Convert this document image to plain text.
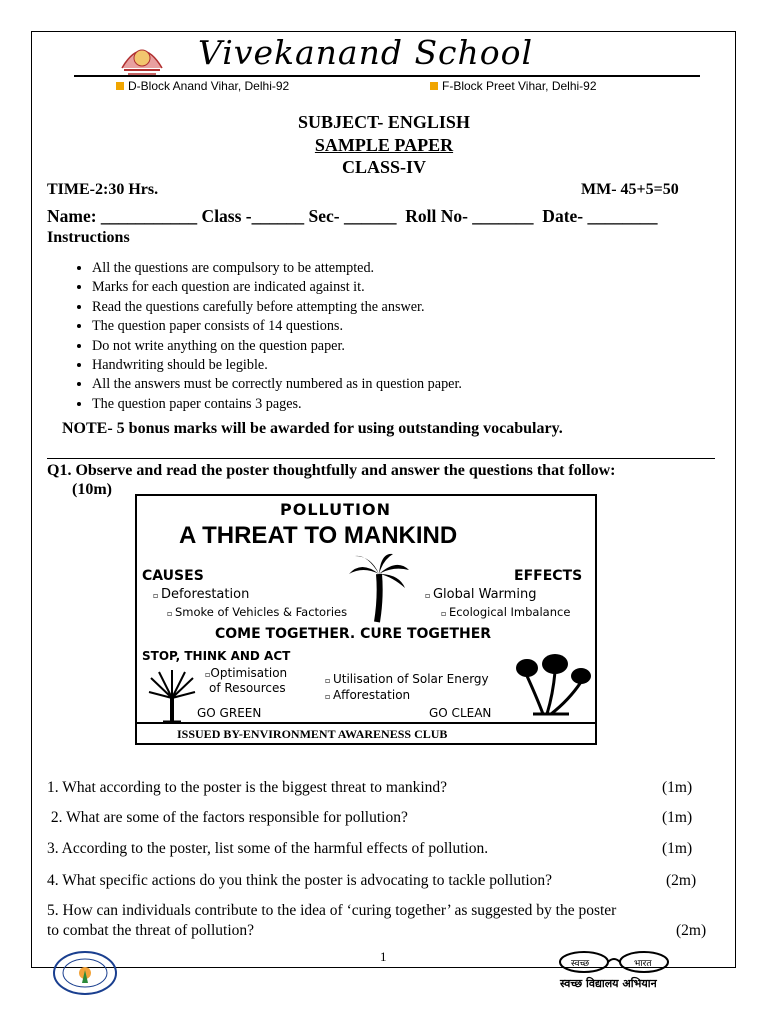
Vivekanand School
D-Block Anand Vihar, Delhi-92	F-Block Preet Vihar, Delhi-92
SUBJECT- ENGLISH
SAMPLE PAPER
CLASS-IV
TIME-2:30 Hrs.	MM- 45+5=50
Name: ___________ Class -______ Sec- ______  Roll No- _______  Date- ________
Instructions
• All the questions are compulsory to be attempted.
• Marks for each question are indicated against it.
• Read the questions carefully before attempting the answer.
• The question paper consists of 14 questions.
• Do not write anything on the question paper.
• Handwriting should be legible.
• All the answers must be correctly numbered as in question paper.
• The question paper contains 3 pages.
NOTE- 5 bonus marks will be awarded for using outstanding vocabulary.
Q1. Observe and read the poster thoughtfully and answer the questions that follow:
(10m)
POLLUTION
A THREAT TO MANKIND
CAUSES
▫ Deforestation
▫ Smoke of Vehicles & Factories
EFFECTS
▫ Global Warming
▫ Ecological Imbalance
COME TOGETHER. CURE TOGETHER
STOP, THINK AND ACT
▫Optimisation
of Resources
▫ Utilisation of Solar Energy
▫ Afforestation
GO GREEN	GO CLEAN
ISSUED BY-ENVIRONMENT AWARENESS CLUB
1. What according to the poster is the biggest threat to mankind?	(1m)
2. What are some of the factors responsible for pollution?	(1m)
3. According to the poster, list some of the harmful effects of pollution.	(1m)
4. What specific actions do you think the poster is advocating to tackle pollution?	(2m)
5. How can individuals contribute to the idea of ‘curing together’ as suggested by the poster
to combat the threat of pollution?	(2m)
1	स्वच्छ	भारत
स्वच्छ विद्यालय अभियान
